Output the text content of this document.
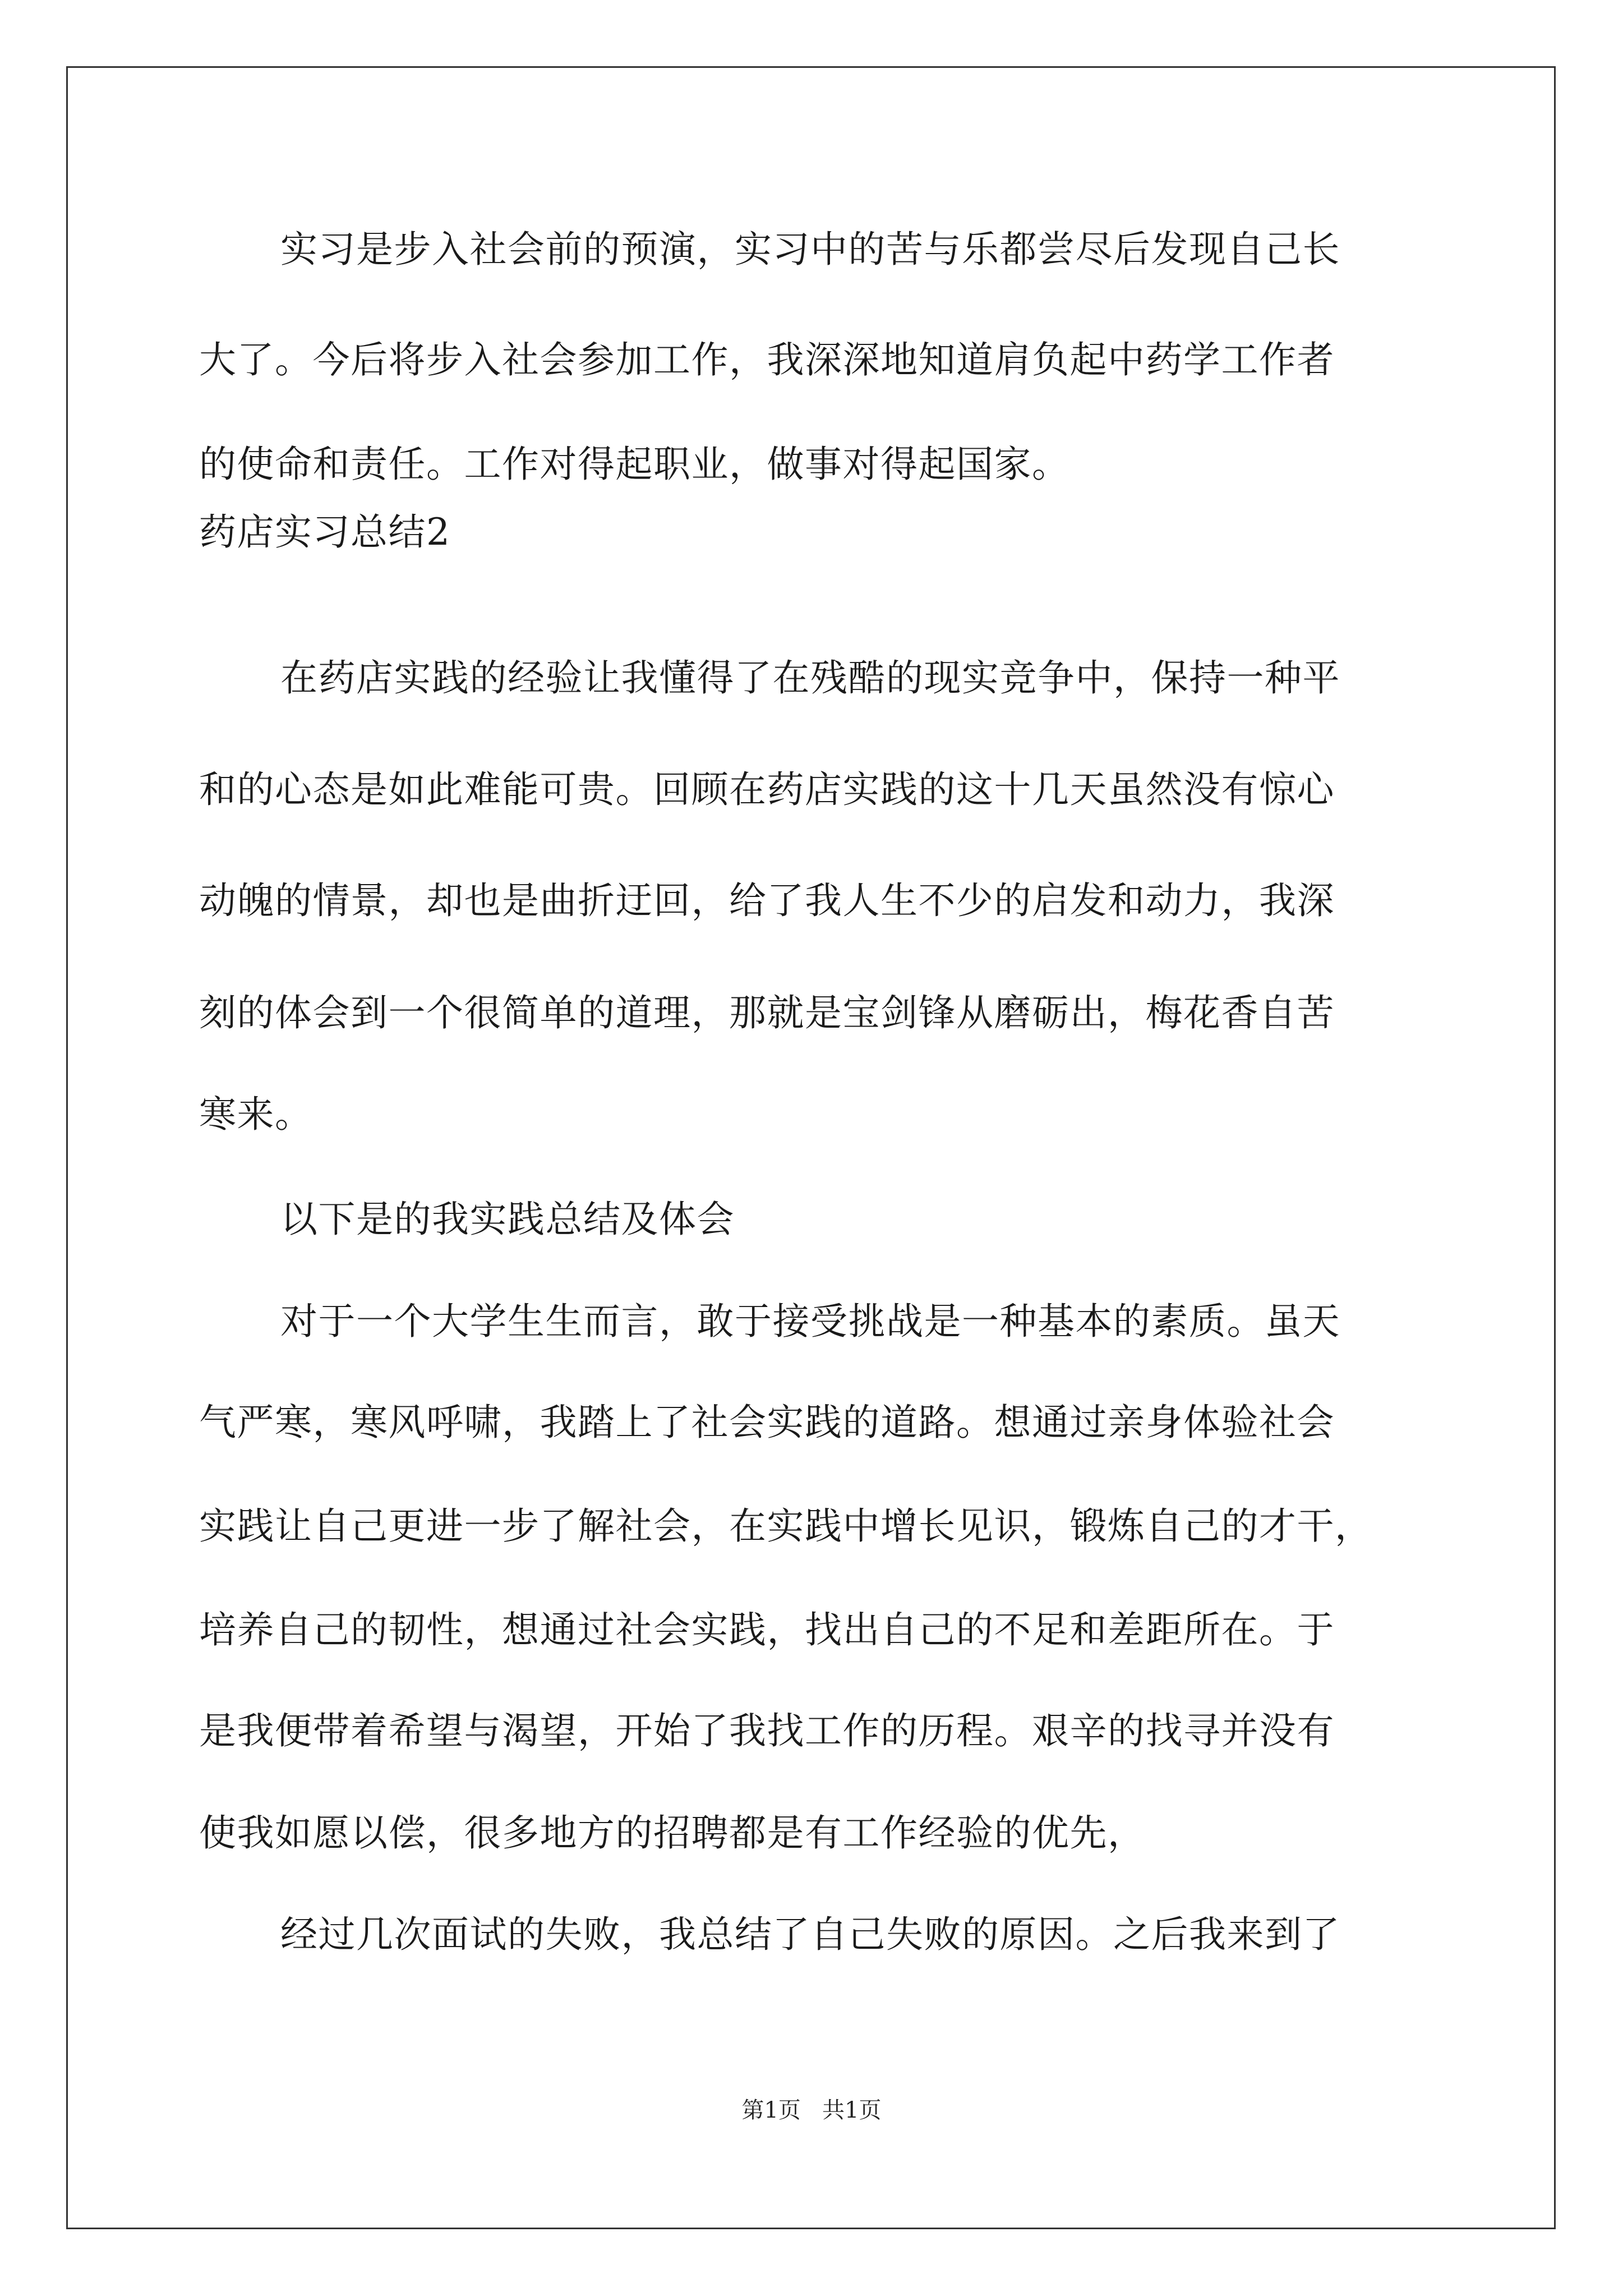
实习是步入社会前的预演，实习中的苦与乐都尝尽后发现自己长
大了。今后将步入社会参加工作，我深深地知道肩负起中药学工作者
的使命和责任。工作对得起职业，做事对得起国家。
药店实习总结2
在药店实践的经验让我懂得了在残酷的现实竞争中，保持一种平
和的心态是如此难能可贵。回顾在药店实践的这十几天虽然没有惊心
动魄的情景，却也是曲折迂回，给了我人生不少的启发和动力，我深
刻的体会到一个很简单的道理，那就是宝剑锋从磨砺出，梅花香自苦
寒来。
以下是的我实践总结及体会
对于一个大学生生而言，敢于接受挑战是一种基本的素质。虽天
气严寒，寒风呼啸，我踏上了社会实践的道路。想通过亲身体验社会
实践让自己更进一步了解社会，在实践中增长见识，锻炼自己的才干，
培养自己的韧性，想通过社会实践，找出自己的不足和差距所在。于
是我便带着希望与渴望，开始了我找工作的历程。艰辛的找寻并没有
使我如愿以偿，很多地方的招聘都是有工作经验的优先，
经过几次面试的失败，我总结了自己失败的原因。之后我来到了
第1页   共1页
